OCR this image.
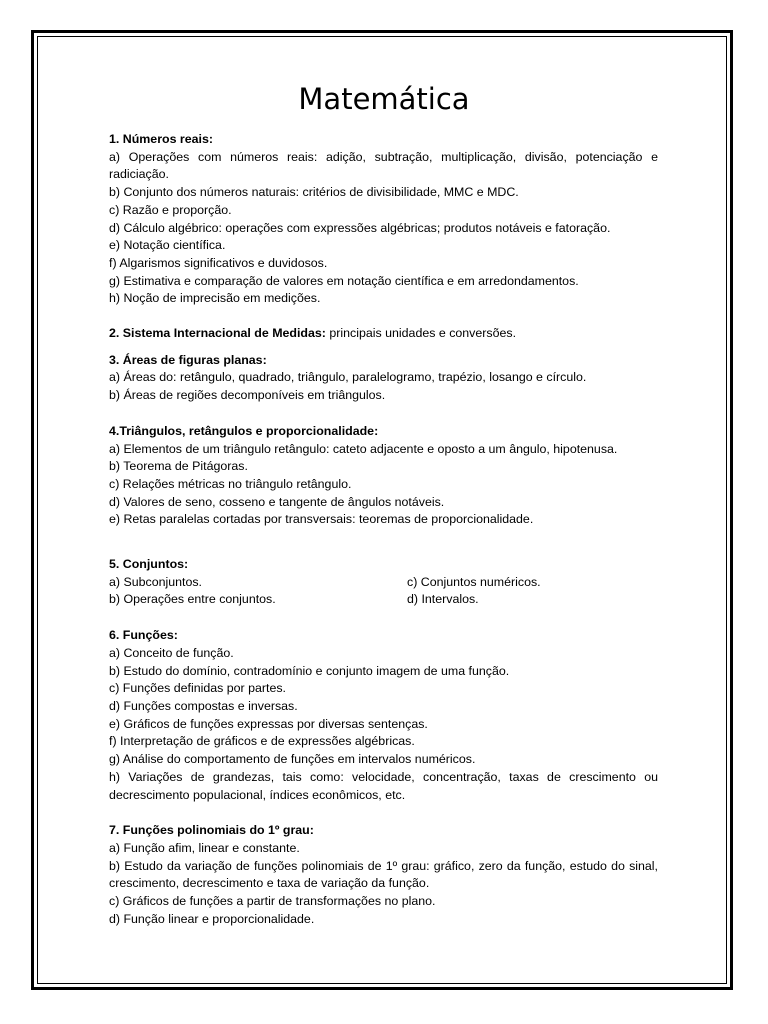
Matemática

1. Números reais:

a) Operações com números reais: adição, subtração, multiplicação, divisão, potenciação e radiciação.

b) Conjunto dos números naturais: critérios de divisibilidade, MMC e MDC.

c) Razão e proporção.

d) Cálculo algébrico: operações com expressões algébricas; produtos notáveis e fatoração.

e) Notação científica.

f) Algarismos significativos e duvidosos.

g) Estimativa e comparação de valores em notação científica e em arredondamentos.

h) Noção de imprecisão em medições.

2. Sistema Internacional de Medidas: principais unidades e conversões.

3. Áreas de figuras planas:

a) Áreas do: retângulo, quadrado, triângulo, paralelogramo, trapézio, losango e círculo.

b) Áreas de regiões decomponíveis em triângulos.

4.Triângulos, retângulos e proporcionalidade:

a) Elementos de um triângulo retângulo: cateto adjacente e oposto a um ângulo, hipotenusa.

b) Teorema de Pitágoras.

c) Relações métricas no triângulo retângulo.

d) Valores de seno, cosseno e tangente de ângulos notáveis.

e) Retas paralelas cortadas por transversais: teoremas de proporcionalidade.

5. Conjuntos:

a) Subconjuntos.	c) Conjuntos numéricos.

b) Operações entre conjuntos.	d) Intervalos.

6. Funções:

a) Conceito de função.

b) Estudo do domínio, contradomínio e conjunto imagem de uma função.

c) Funções definidas por partes.

d) Funções compostas e inversas.

e) Gráficos de funções expressas por diversas sentenças.

f) Interpretação de gráficos e de expressões algébricas.

g) Análise do comportamento de funções em intervalos numéricos.

h) Variações de grandezas, tais como: velocidade, concentração, taxas de crescimento ou decrescimento populacional, índices econômicos, etc.

7. Funções polinomiais do 1º grau:

a) Função afim, linear e constante.

b) Estudo da variação de funções polinomiais de 1º grau: gráfico, zero da função, estudo do sinal, crescimento, decrescimento e taxa de variação da função.

c) Gráficos de funções a partir de transformações no plano.

d) Função linear e proporcionalidade.
